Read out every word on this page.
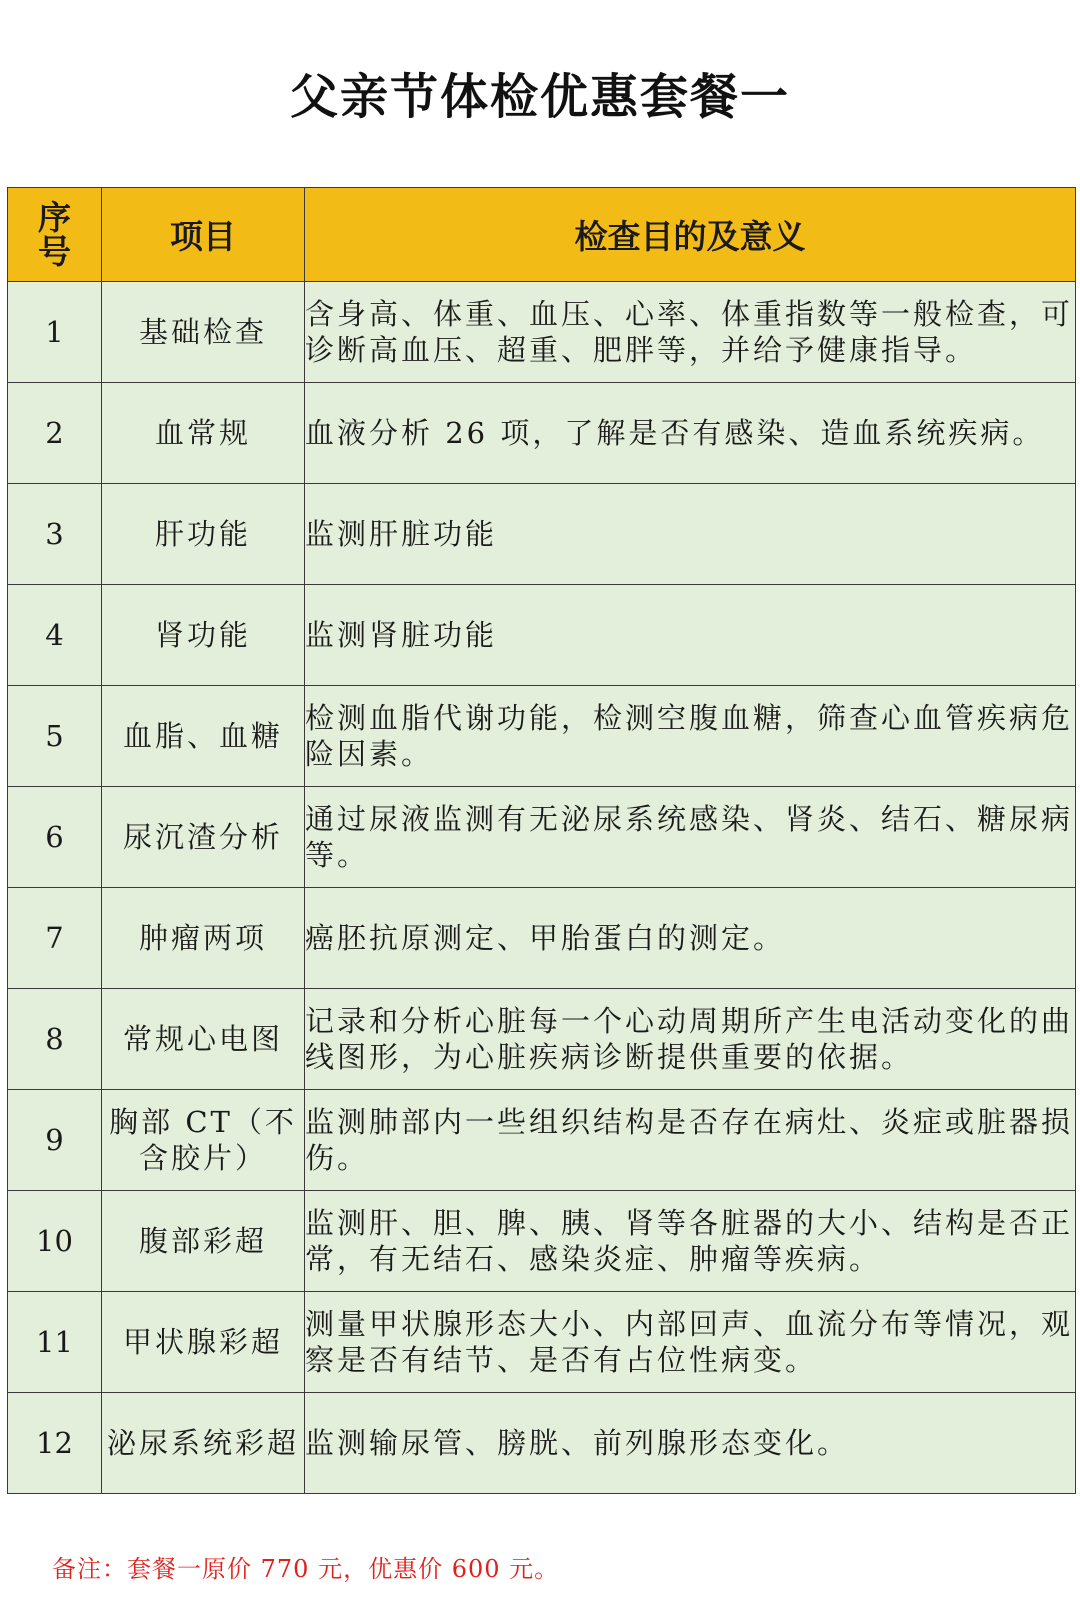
父亲节体检优惠套餐一
序号	项目	检查目的及意义
1	基础检查	含身高、体重、血压、心率、体重指数等一般检查，可诊断高血压、超重、肥胖等，并给予健康指导。
2	血常规	血液分析 26 项，了解是否有感染、造血系统疾病。
3	肝功能	监测肝脏功能
4	肾功能	监测肾脏功能
5	血脂、血糖	检测血脂代谢功能，检测空腹血糖，筛查心血管疾病危险因素。
6	尿沉渣分析	通过尿液监测有无泌尿系统感染、肾炎、结石、糖尿病等。
7	肿瘤两项	癌胚抗原测定、甲胎蛋白的测定。
8	常规心电图	记录和分析心脏每一个心动周期所产生电活动变化的曲线图形，为心脏疾病诊断提供重要的依据。
9	胸部 CT（不含胶片）	监测肺部内一些组织结构是否存在病灶、炎症或脏器损伤。
10	腹部彩超	监测肝、胆、脾、胰、肾等各脏器的大小、结构是否正常，有无结石、感染炎症、肿瘤等疾病。
11	甲状腺彩超	测量甲状腺形态大小、内部回声、血流分布等情况，观察是否有结节、是否有占位性病变。
12	泌尿系统彩超	监测输尿管、膀胱、前列腺形态变化。
备注：套餐一原价 770 元，优惠价 600 元。
